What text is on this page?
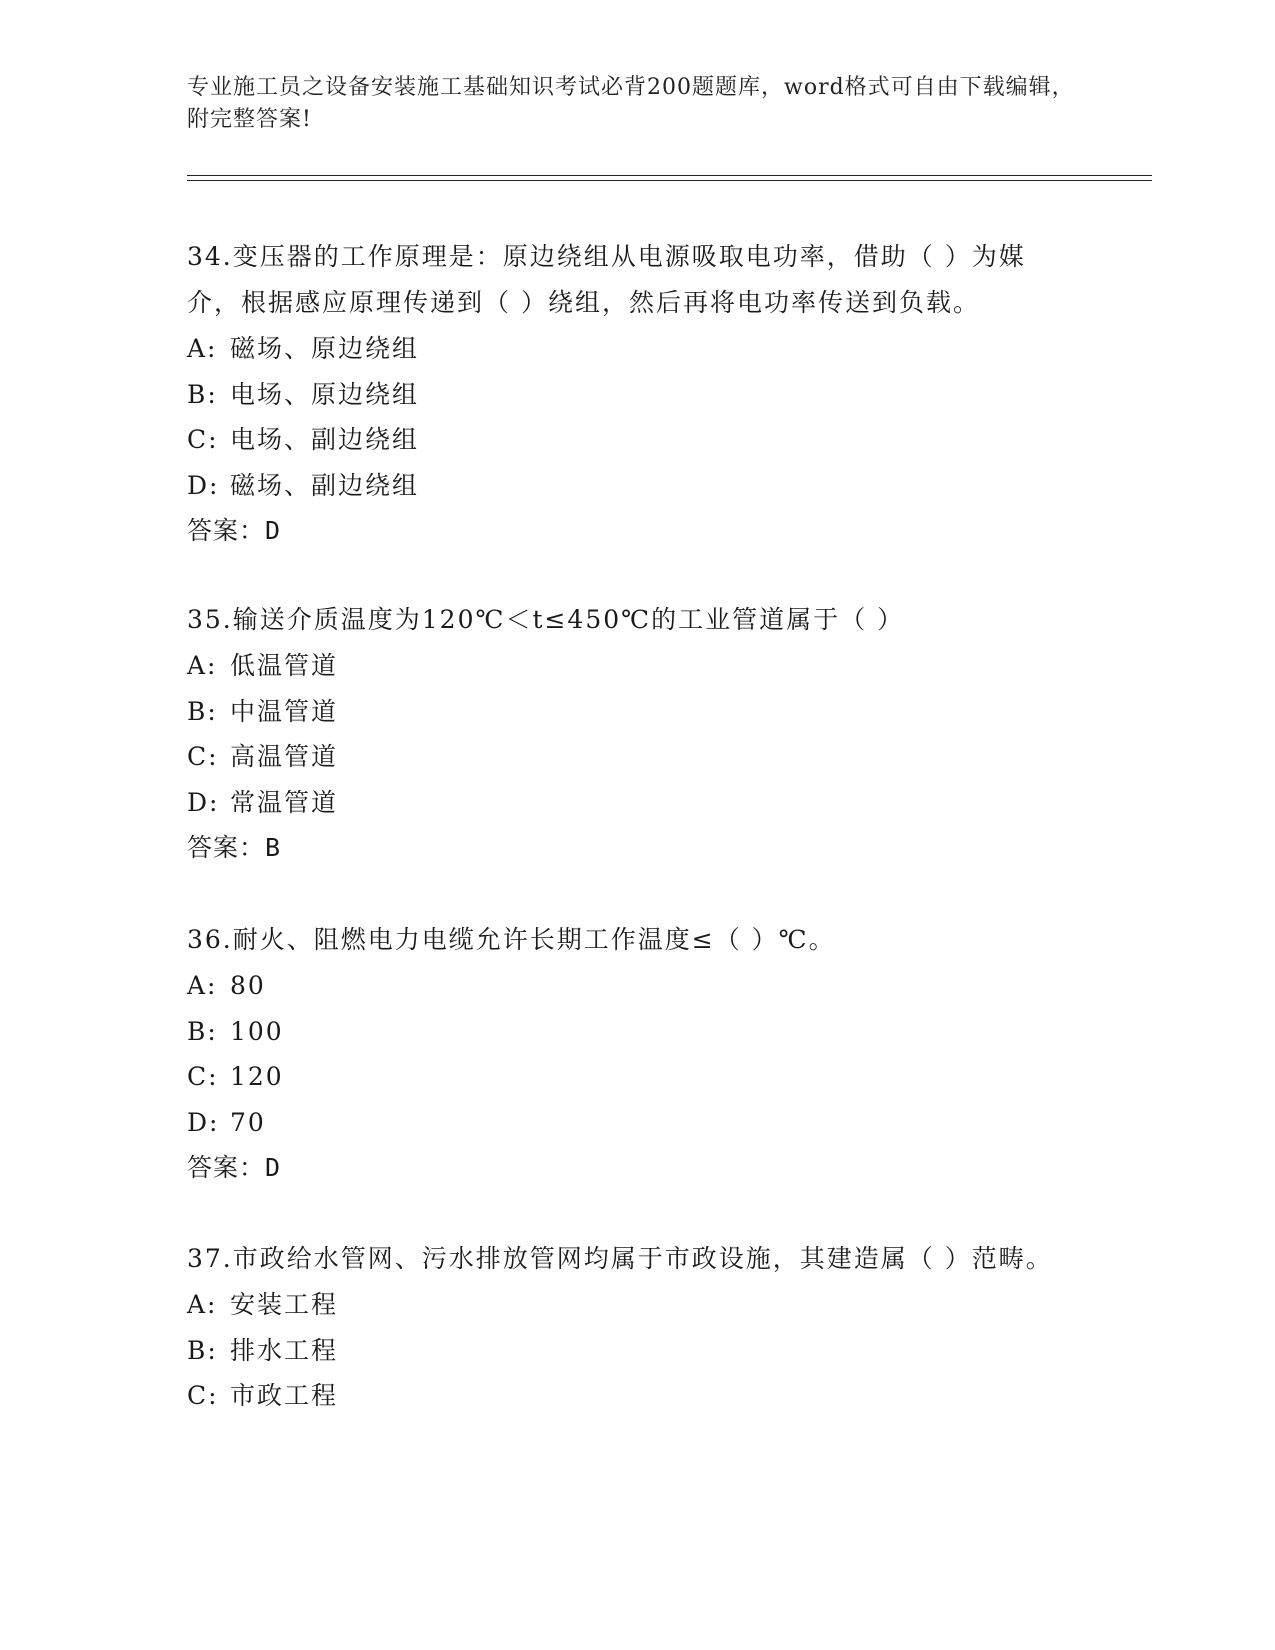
专业施工员之设备安装施工基础知识考试必背200题题库，word格式可自由下载编辑，附完整答案!
34.变压器的工作原理是：原边绕组从电源吸取电功率，借助（ ）为媒介，根据感应原理传递到（ ）绕组，然后再将电功率传送到负载。
A: 磁场、原边绕组
B: 电场、原边绕组
C: 电场、副边绕组
D: 磁场、副边绕组
答案：D
35.输送介质温度为120℃＜t≤450℃的工业管道属于（ ）
A: 低温管道
B: 中温管道
C: 高温管道
D: 常温管道
答案：B
36.耐火、阻燃电力电缆允许长期工作温度≤（ ）℃。
A: 80
B: 100
C: 120
D: 70
答案：D
37.市政给水管网、污水排放管网均属于市政设施，其建造属（ ）范畴。
A: 安装工程
B: 排水工程
C: 市政工程
